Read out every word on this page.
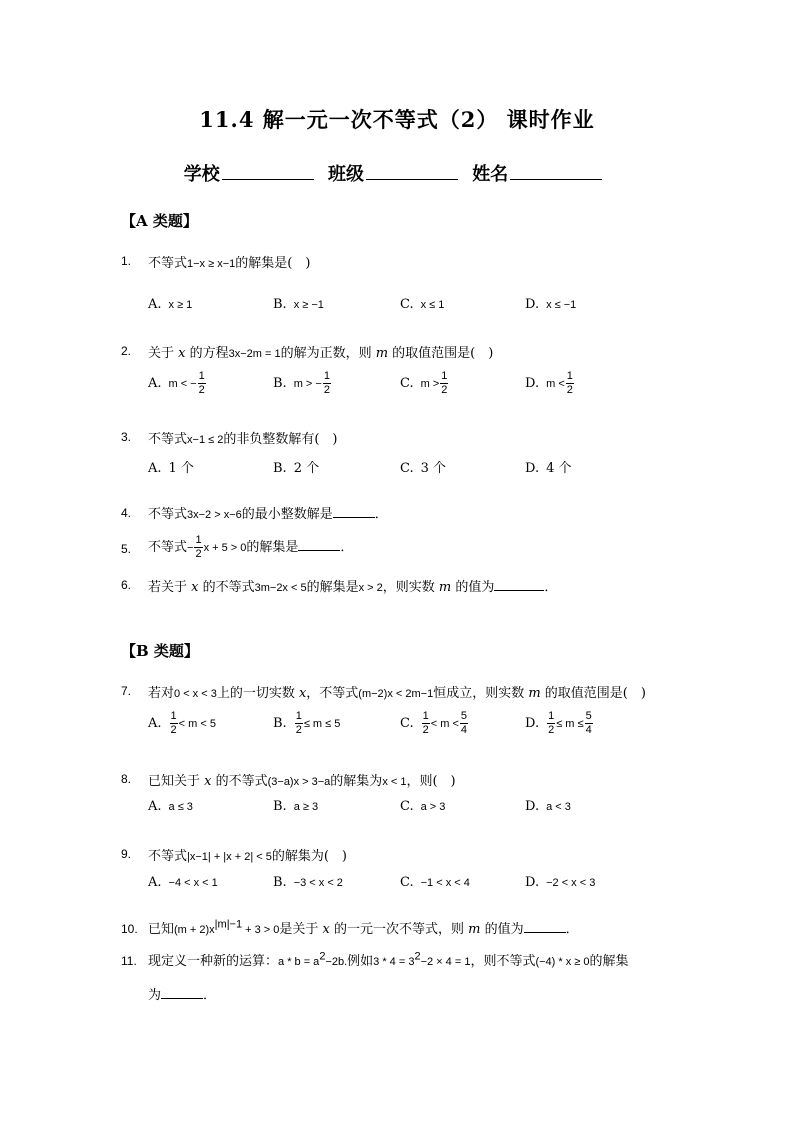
11.4 解一元一次不等式（2） 课时作业
学校	班级	姓名
【A 类题】
1. 不等式1−x ≥ x−1的解集是(　)
A. x ≥ 1	B. x ≥ −1	C. x ≤ 1	D. x ≤ −1
2. 关于 𝑥 的方程3x−2m = 1的解为正数，则 𝑚 的取值范围是(　)
A. m < − $\frac{1}{2}$	B. m > − $\frac{1}{2}$	C. $m > \frac{1}{2}$	D. $m < \frac{1}{2}$
3. 不等式x−1 ≤ 2的非负整数解有(　)
A. 1 个	B. 2 个	C. 3 个	D. 4 个
4. 不等式3x−2 > x−6的最小整数解是	．
5. 不等式− $\frac{1}{2}$ x + 5 > 0的解集是	．
6. 若关于 𝑥 的不等式3m−2x < 5的解集是x > 2，则实数 𝑚 的值为	．
【B 类题】
7. 若对0 < x < 3上的一切实数 𝑥，不等式(m−2)x < 2m−1恒成立，则实数 𝑚 的取值范围是(　)
A. $\frac{1}{2} < m < 5$	B. $\frac{1}{2} \le m \le 5$	C. $\frac{1}{2} < m < \frac{5}{4}$	D. $\frac{1}{2} \le m \le \frac{5}{4}$
8. 已知关于 𝑥 的不等式(3−a)x > 3−a的解集为x < 1，则(　)
A. a ≤ 3	B. a ≥ 3	C. a > 3	D. a < 3
9. 不等式|x−1| + |x + 2| < 5的解集为(　)
A. −4 < x < 1	B. −3 < x < 2	C. −1 < x < 4	D. −2 < x < 3
10. 已知$(m + 2)x^{|m|-1} + 3 > 0$是关于 𝑥 的一元一次不等式，则 𝑚 的值为	．
11. 现定义一种新的运算：$a * b = a^2-2b$.例如$3 * 4 = 3^2-2 \times 4 = 1$，则不等式(−4) * x ≥ 0的解集
为	．
